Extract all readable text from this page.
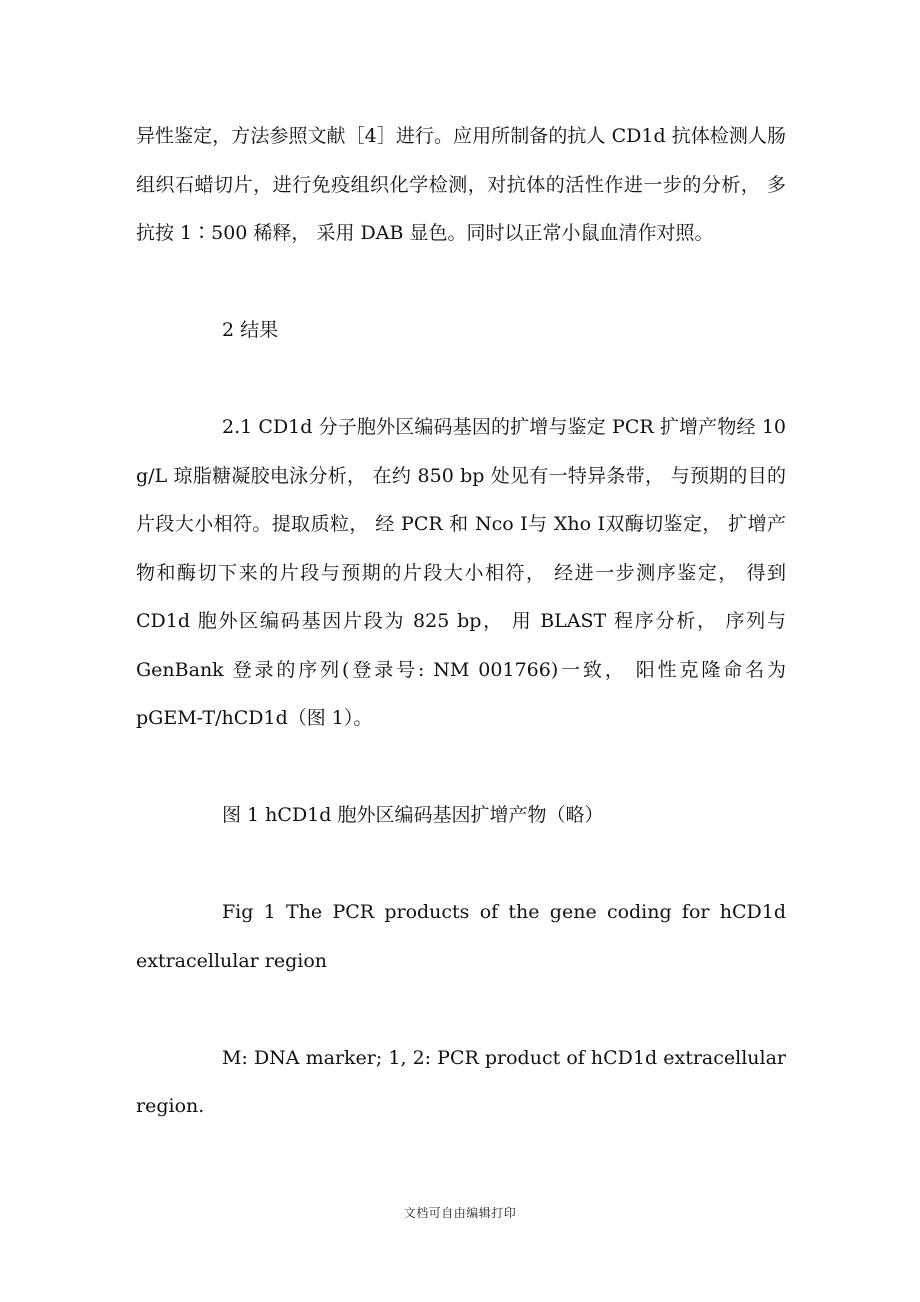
异性鉴定，方法参照文献［4］进行。应用所制备的抗人 CD1d 抗体检测人肠组织石蜡切片，进行免疫组织化学检测，对抗体的活性作进一步的分析， 多抗按 1∶500 稀释， 采用 DAB 显色。同时以正常小鼠血清作对照。

2 结果

2.1 CD1d 分子胞外区编码基因的扩增与鉴定 PCR 扩增产物经 10 g/L 琼脂糖凝胶电泳分析， 在约 850 bp 处见有一特异条带， 与预期的目的片段大小相符。提取质粒， 经 PCR 和 Nco Ⅰ与 Xho Ⅰ双酶切鉴定， 扩增产物和酶切下来的片段与预期的片段大小相符， 经进一步测序鉴定， 得到 CD1d 胞外区编码基因片段为 825 bp， 用 BLAST 程序分析， 序列与 GenBank 登录的序列(登录号: NM 001766)一致， 阳性克隆命名为 pGEM-T/hCD1d（图 1）。

图 1 hCD1d 胞外区编码基因扩增产物（略）

Fig 1 The PCR products of the gene coding for hCD1d extracellular region

M: DNA marker; 1, 2: PCR product of hCD1d extracellular region.

文档可自由编辑打印
